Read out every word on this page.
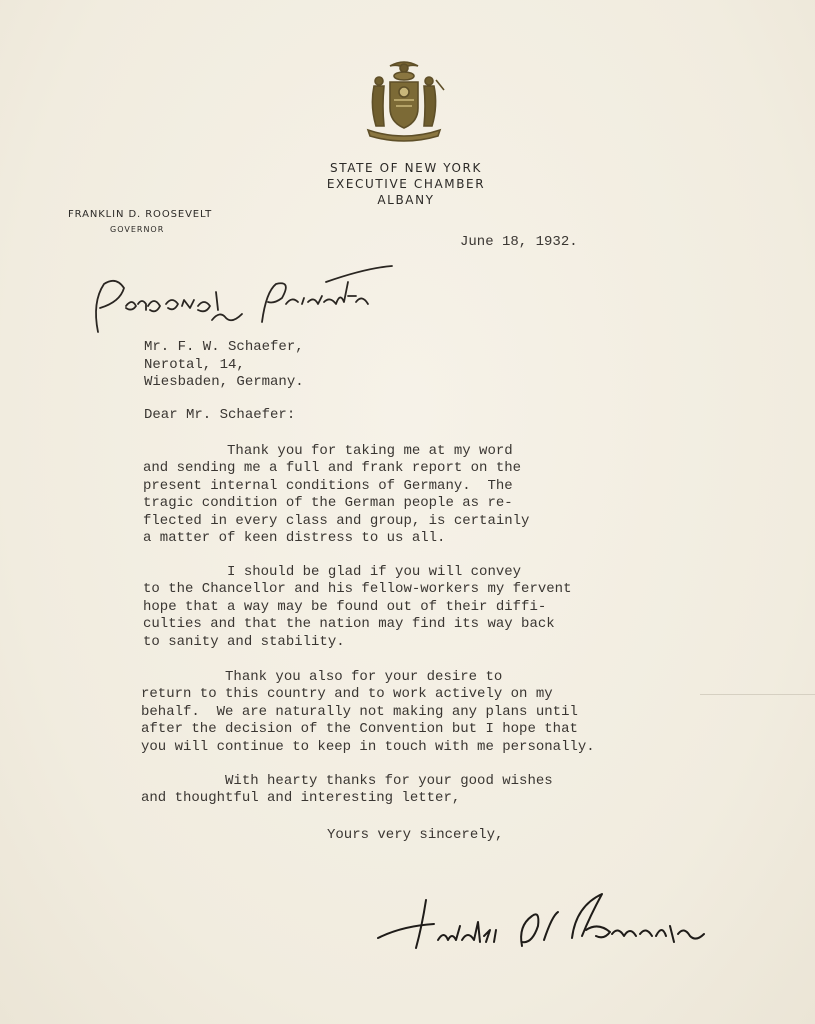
STATE OF NEW YORK
EXECUTIVE CHAMBER
ALBANY
FRANKLIN D. ROOSEVELT
GOVERNOR
June 18, 1932.
Mr. F. W. Schaefer,
Nerotal, 14,
Wiesbaden, Germany.
Dear Mr. Schaefer:
Thank you for taking me at my word
and sending me a full and frank report on the
present internal conditions of Germany.  The
tragic condition of the German people as re-
flected in every class and group, is certainly
a matter of keen distress to us all.
I should be glad if you will convey
to the Chancellor and his fellow-workers my fervent
hope that a way may be found out of their diffi-
culties and that the nation may find its way back
to sanity and stability.
Thank you also for your desire to
return to this country and to work actively on my
behalf.  We are naturally not making any plans until
after the decision of the Convention but I hope that
you will continue to keep in touch with me personally.
With hearty thanks for your good wishes
and thoughtful and interesting letter,
Yours very sincerely,
